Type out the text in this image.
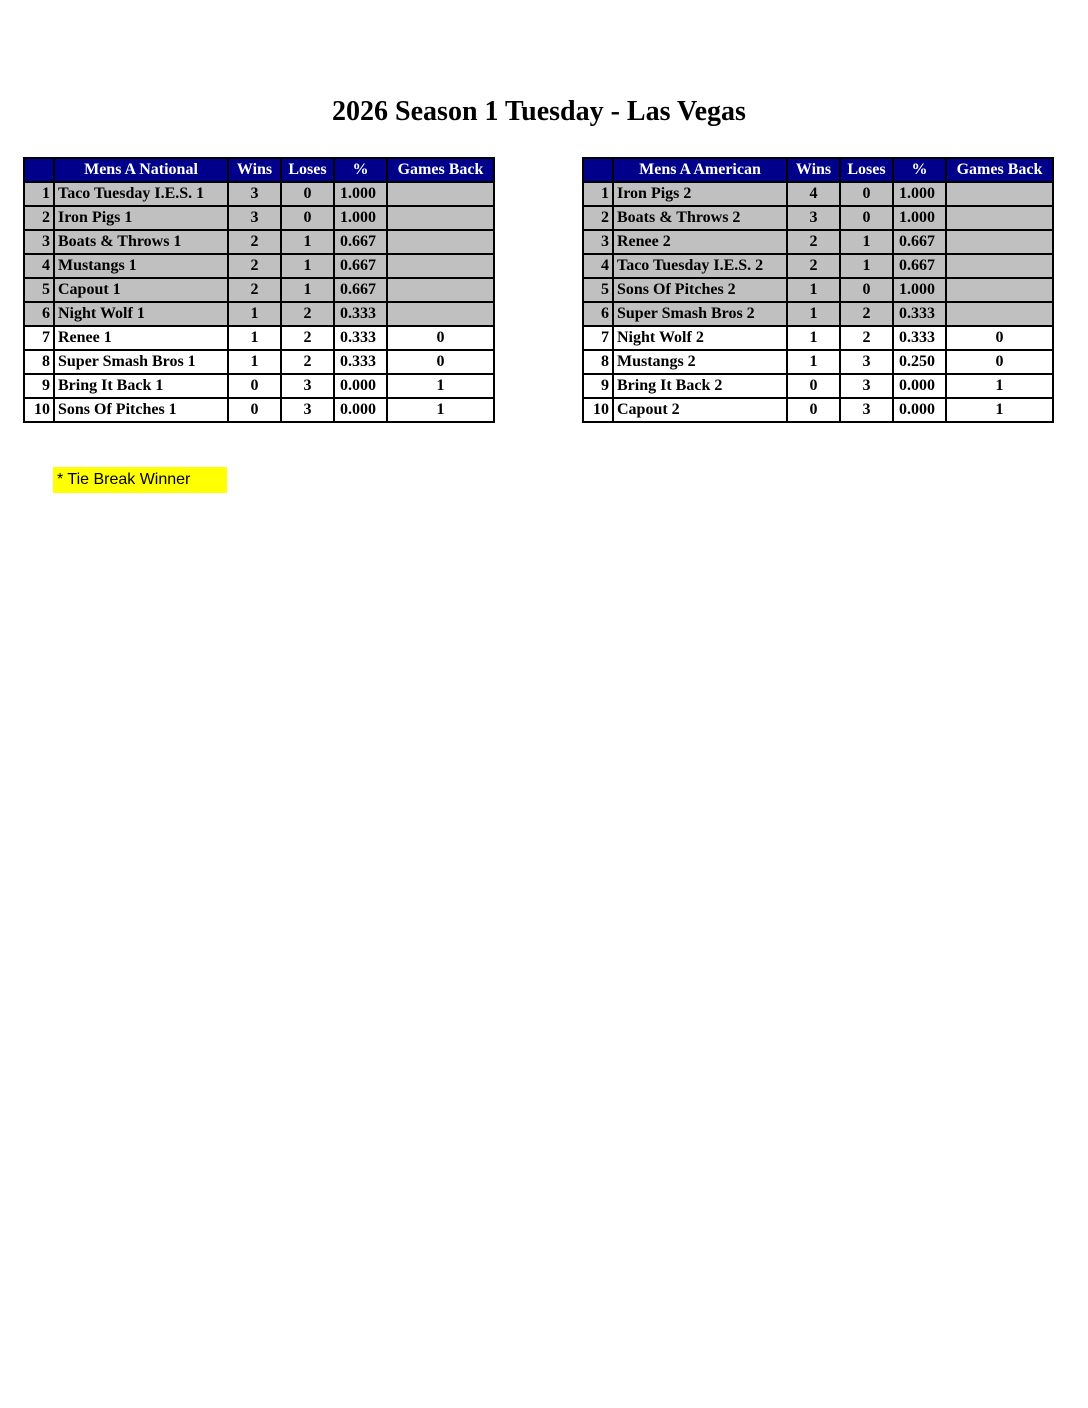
2026 Season 1 Tuesday - Las Vegas
	Mens A National	Wins	Loses	%	Games Back
1	Taco Tuesday I.E.S. 1	3	0	1.000	
2	Iron Pigs 1	3	0	1.000	
3	Boats & Throws 1	2	1	0.667	
4	Mustangs 1	2	1	0.667	
5	Capout 1	2	1	0.667	
6	Night Wolf 1	1	2	0.333	
7	Renee 1	1	2	0.333	0
8	Super Smash Bros 1	1	2	0.333	0
9	Bring It Back 1	0	3	0.000	1
10	Sons Of Pitches 1	0	3	0.000	1
	Mens A American	Wins	Loses	%	Games Back
1	Iron Pigs 2	4	0	1.000	
2	Boats & Throws 2	3	0	1.000	
3	Renee 2	2	1	0.667	
4	Taco Tuesday I.E.S. 2	2	1	0.667	
5	Sons Of Pitches 2	1	0	1.000	
6	Super Smash Bros 2	1	2	0.333	
7	Night Wolf 2	1	2	0.333	0
8	Mustangs 2	1	3	0.250	0
9	Bring It Back 2	0	3	0.000	1
10	Capout 2	0	3	0.000	1
* Tie Break Winner
